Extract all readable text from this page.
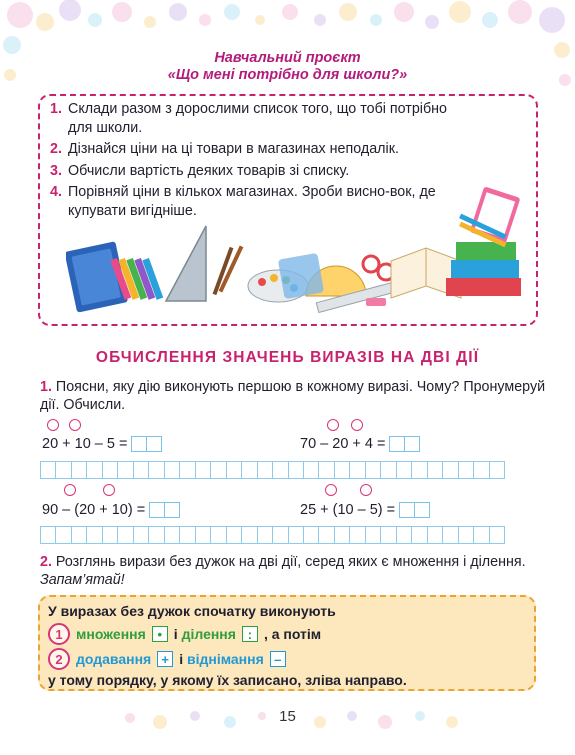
Навчальний проєкт
«Що мені потрібно для школи?»
1. Склади разом з дорослими список того, що тобі потрібно для школи.
2. Дізнайся ціни на ці товари в магазинах неподалік.
3. Обчисли вартість деяких товарів зі списку.
4. Порівняй ціни в кількох магазинах. Зроби висно-вок, де купувати вигідніше.
ОБЧИСЛЕННЯ ЗНАЧЕНЬ ВИРАЗІВ НА ДВІ ДІЇ
1. Поясни, яку дію виконують першою в кожному виразі. Чому? Пронумеруй дії. Обчисли.
20 + 10 – 5 =	70 – 20 + 4 =
90 – (20 + 10) =	25 + (10 – 5) =
2. Розглянь вирази без дужок на дві дії, серед яких є множення і ділення. Запам’ятай!
У виразах без дужок спочатку виконують
1 множення • і
ділення : , а потім
2 додавання + і
віднімання –
у тому порядку, у якому їх записано, зліва направо.
15
